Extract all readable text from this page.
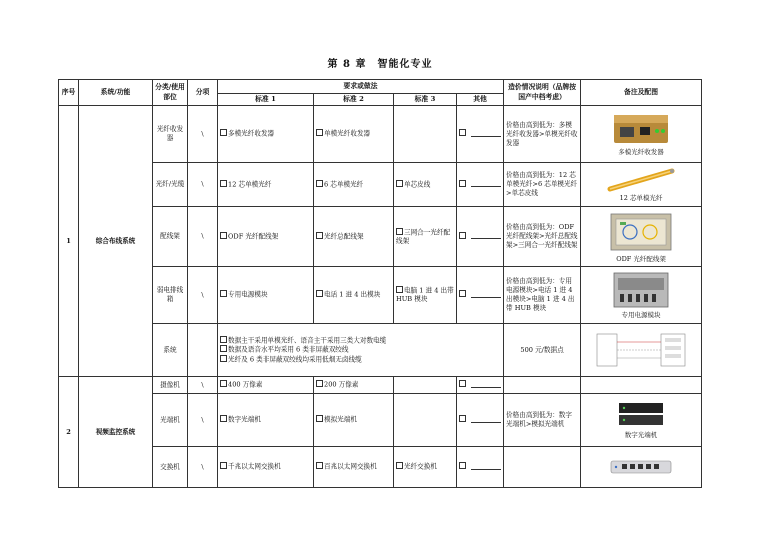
第 8 章　智能化专业
序号	系统/功能	分类/使用部位	分项	要求或做法				造价情况说明（品牌按国产中档考虑）	备注及配图
				标准 1	标准 2	标准 3	其他		
1	综合布线系统	光纤收发器	\	多模光纤收发器	单模光纤收发器			价格由高到低为：多模光纤收发器>单模光纤收发器	多模光纤收发器

		光纤/光缆	\	12 芯单模光纤	6 芯单模光纤	单芯皮线		价格由高到低为：12 芯单模光纤>6 芯单模光纤>单芯皮线	12 芯单模光纤

		配线架	\	ODF 光纤配线架	光纤总配线架	三网合一光纤配线架		价格由高到低为：ODF 光纤配线架>光纤总配线架>三网合一光纤配线架	ODF 光纤配线架

		弱电排线箱	\	专用电源模块	电话 1 进 4 出模块	电脑 1 进 4 出带 HUB 模块		价格由高到低为：专用电源模块>电话 1 进 4 出模块>电脑 1 进 4 出带 HUB 模块	专用电源模块

		系统		数据主干采用单模光纤、语音主干采用三类大对数电缆
数据及语音水平均采用 6 类非屏蔽双绞线
光纤及 6 类非屏蔽双绞线均采用低烟无卤线缆				500 元/数据点	

2	视频监控系统	摄像机	\	400 万像素	200 万像素				
		光端机	\	数字光端机	模拟光端机			价格由高到低为：数字光端机>模拟光端机	数字光端机

		交换机	\	千兆以太网交换机	百兆以太网交换机	光纤交换机			
